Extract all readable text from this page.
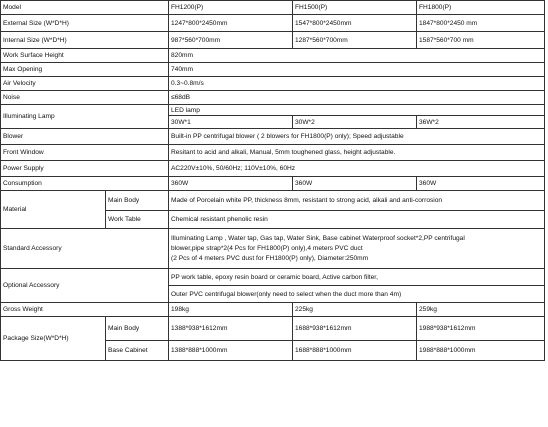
Model		FH1200(P)	FH1500(P)	FH1800(P)
External Size (W*D*H)		1247*800*2450mm	1547*800*2450mm	1847*800*2450 mm
Internal Size (W*D*H)		987*560*700mm	1287*560*700mm	1587*560*700 mm
Work Surface Height		820mm		
Max Opening		740mm		
Air Velocity		0.3~0.8m/s		
Noise		≤68dB		
Illuminating Lamp		LED lamp		
		30W*1	30W*2	36W*2
Blower		Built-in PP centrifugal blower ( 2 blowers for FH1800(P) only); Speed adjustable		
Front Window		Resitant to acid and alkali, Manual, 5mm toughened glass, height adjustable.		
Power Supply		AC220V±10%, 50/60Hz; 110V±10%, 60Hz		
Consumption		360W	360W	360W
Material	Main Body	Made of Porcelain white PP, thickness 8mm, resistant to strong acid, alkali and anti-corrosion		
	Work Table	Chemical resistant phenolic resin		
Standard Accessory		Illuminating Lamp , Water tap, Gas tap, Water Sink, Base cabinet Waterproof socket*2,PP centrifugal
blower,pipe strap*2(4 Pcs for FH1800(P) only),4 meters PVC duct
(2 Pcs of 4 meters PVC dust for FH1800(P) only), Diameter:250mm		

Optional Accessory		PP work table, epoxy resin board or ceramic board, Active carbon filter,		
		Outer PVC centrifugal blower(only need to select when the duct more than 4m)		
Gross Weight		198kg	225kg	259kg
Package Size(W*D*H)	Main Body	1388*938*1612mm	1688*938*1612mm	1988*938*1612mm
	Base Cabinet	1388*888*1000mm	1688*888*1000mm	1988*888*1000mm
